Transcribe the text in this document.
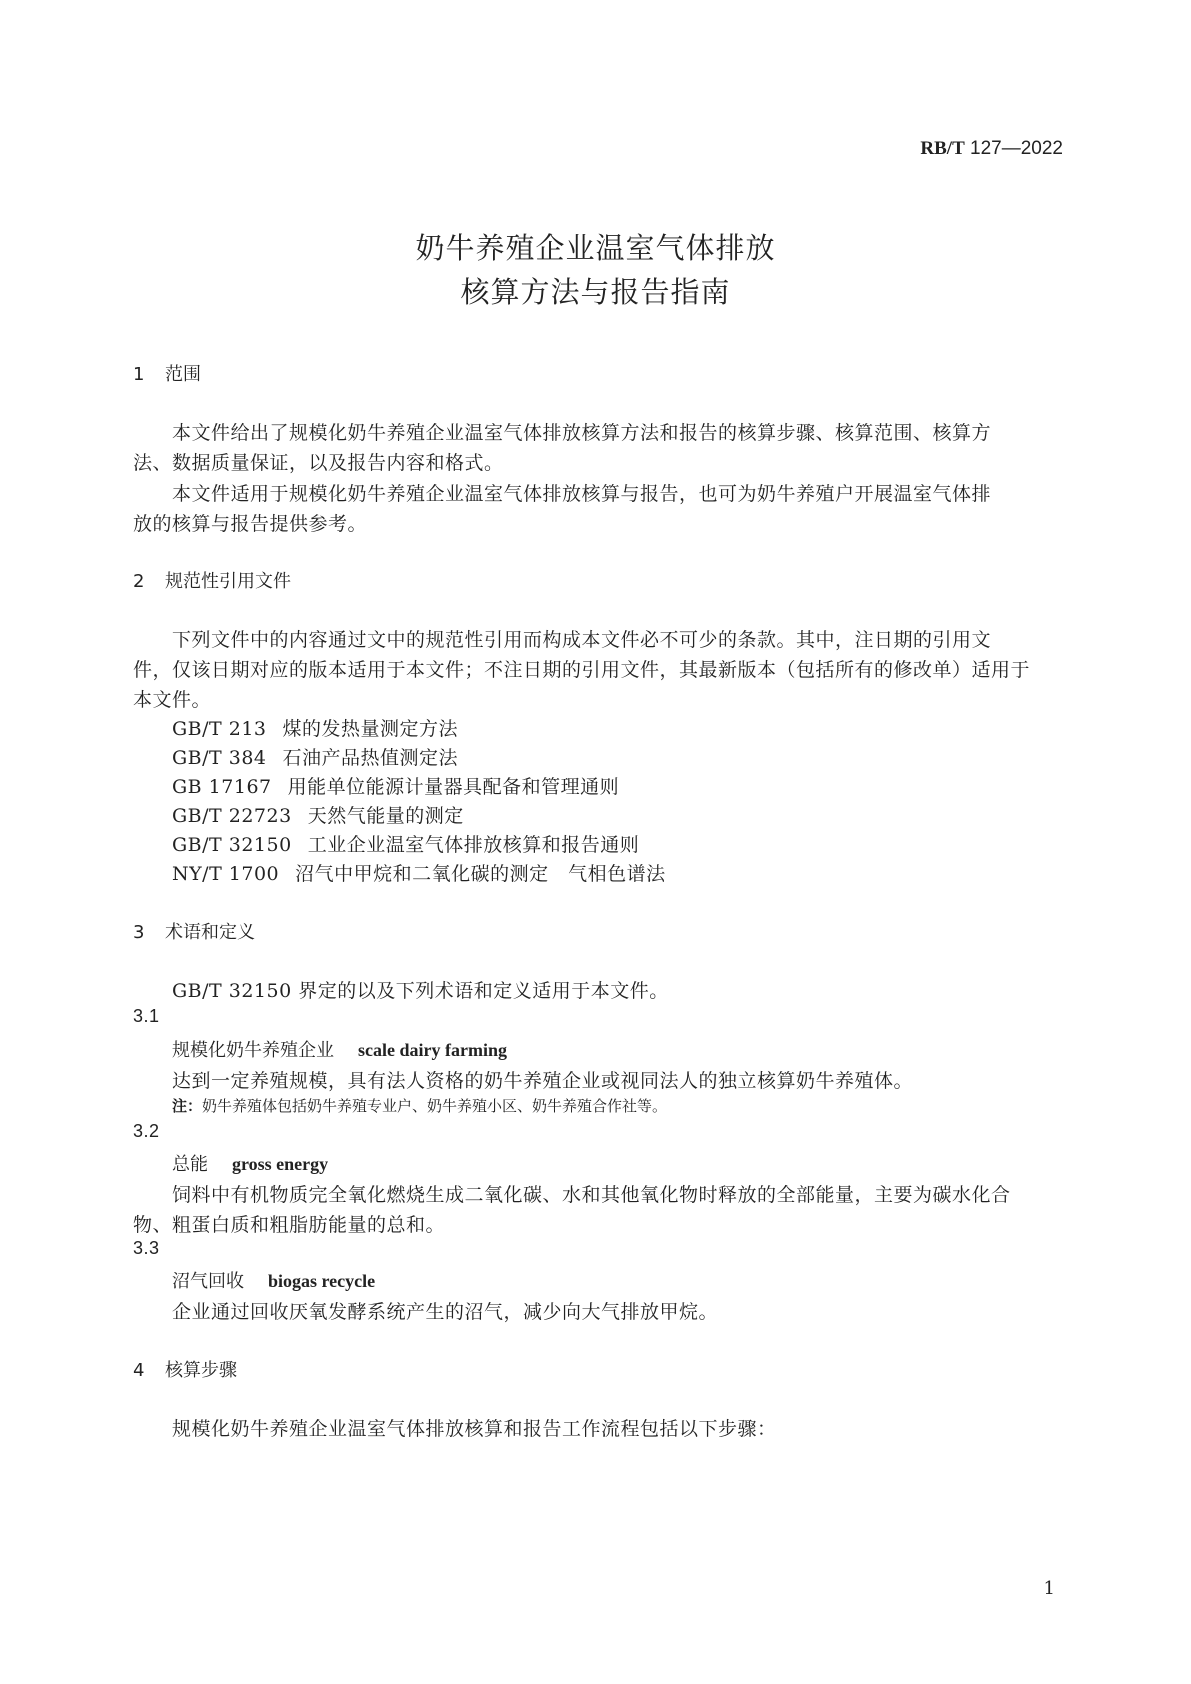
RB/T 127—2022
奶牛养殖企业温室气体排放
核算方法与报告指南
1 范围
本文件给出了规模化奶牛养殖企业温室气体排放核算方法和报告的核算步骤、核算范围、核算方
法、数据质量保证，以及报告内容和格式。
本文件适用于规模化奶牛养殖企业温室气体排放核算与报告，也可为奶牛养殖户开展温室气体排
放的核算与报告提供参考。
2 规范性引用文件
下列文件中的内容通过文中的规范性引用而构成本文件必不可少的条款。其中，注日期的引用文
件，仅该日期对应的版本适用于本文件；不注日期的引用文件，其最新版本（包括所有的修改单）适用于
本文件。
GB/T 213 煤的发热量测定方法
GB/T 384 石油产品热值测定法
GB 17167 用能单位能源计量器具配备和管理通则
GB/T 22723 天然气能量的测定
GB/T 32150 工业企业温室气体排放核算和报告通则
NY/T 1700 沼气中甲烷和二氧化碳的测定　气相色谱法
3 术语和定义
GB/T 32150 界定的以及下列术语和定义适用于本文件。
3.1
规模化奶牛养殖企业 scale dairy farming
达到一定养殖规模，具有法人资格的奶牛养殖企业或视同法人的独立核算奶牛养殖体。
注：奶牛养殖体包括奶牛养殖专业户、奶牛养殖小区、奶牛养殖合作社等。
3.2
总能 gross energy
饲料中有机物质完全氧化燃烧生成二氧化碳、水和其他氧化物时释放的全部能量，主要为碳水化合
物、粗蛋白质和粗脂肪能量的总和。
3.3
沼气回收 biogas recycle
企业通过回收厌氧发酵系统产生的沼气，减少向大气排放甲烷。
4 核算步骤
规模化奶牛养殖企业温室气体排放核算和报告工作流程包括以下步骤：
1
